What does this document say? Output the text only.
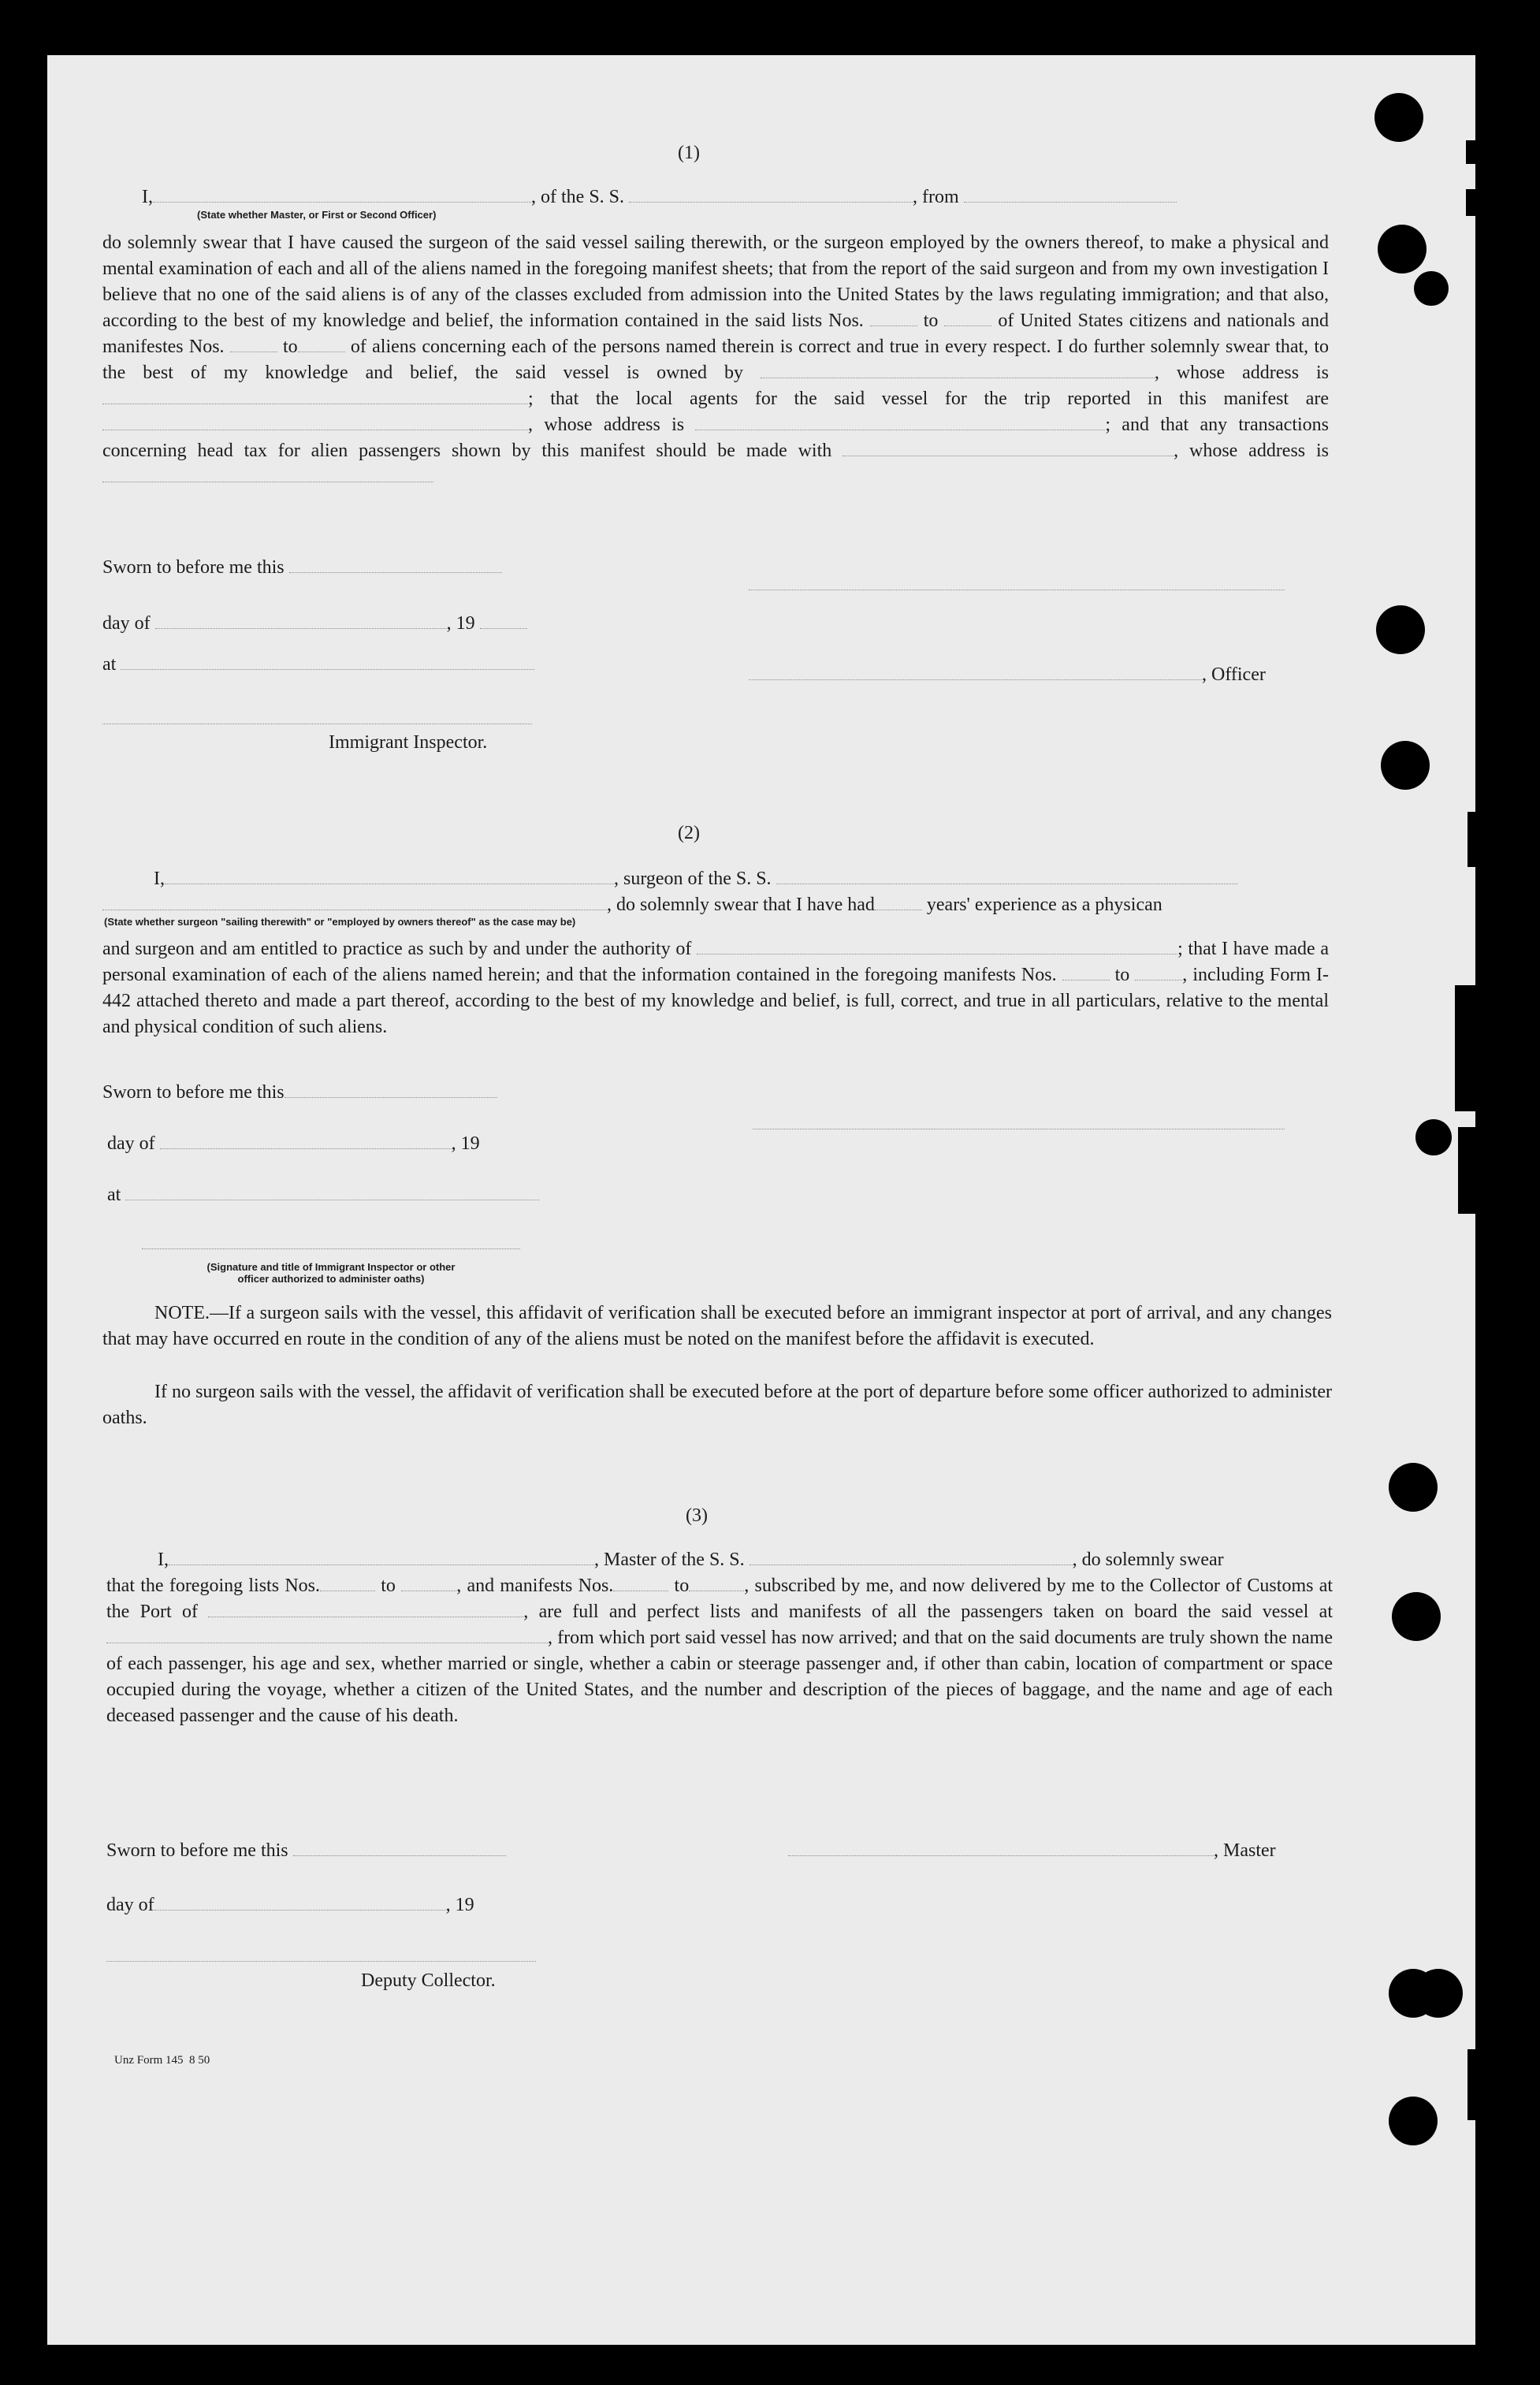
(1)
I,	, of the S. S.	, from
(State whether Master, or First or Second Officer)

do solemnly swear that I have caused the surgeon of the said vessel sailing therewith, or the surgeon employed by the owners thereof, to make a physical and mental examination of each and all of the aliens named in the foregoing manifest sheets; that from the report of the said surgeon and from my own investigation I believe that no one of the said aliens is of any of the classes excluded from admission into the United States by the laws regulating immigration; and that also, according to the best of my knowledge and belief, the information contained in the said lists Nos.	to	of United States citizens and nationals and manifestes Nos.	to	of aliens concerning each of the persons named therein is correct and true in every respect. I do further solemnly swear that, to the best of my knowledge and belief, the said vessel is owned by	, whose address is ; that the local agents for the said vessel for the trip reported in this manifest are , whose address is	; and that any transactions concerning head tax for alien passengers shown by this manifest should be made with	, whose address is

Sworn to before me this
day of	, 19
at	, Officer
Immigrant Inspector.
(2)
I,	, surgeon of the S. S.
, do solemnly swear that I have had	years' experience as a physican
(State whether surgeon "sailing therewith" or "employed by owners thereof" as the case may be)

and surgeon and am entitled to practice as such by and under the authority of	; that I have made a personal examination of each of the aliens named herein; and that the information contained in the foregoing manifests Nos.	to	, including Form I-442 attached thereto and made a part thereof, according to the best of my knowledge and belief, is full, correct, and true in all particulars, relative to the mental and physical condition of such aliens.

Sworn to before me this
day of	, 19
at
(Signature and title of Immigrant Inspector or other
officer authorized to administer oaths)
NOTE.—If a surgeon sails with the vessel, this affidavit of verification shall be executed before an immigrant inspector at port of arrival, and any changes that may have occurred en route in the condition of any of the aliens must be noted on the manifest before the affidavit is executed.
If no surgeon sails with the vessel, the affidavit of verification shall be executed before at the port of departure before some officer authorized to administer oaths.
(3)
I,	, Master of the S. S.	, do solemnly swear

that the foregoing lists Nos.	to	, and manifests Nos.	to	, subscribed by me, and now delivered by me to the Collector of Customs at the Port of	, are full and perfect lists and manifests of all the passengers taken on board the said vessel at , from which port said vessel has now arrived; and that on the said documents are truly shown the name of each passenger, his age and sex, whether married or single, whether a cabin or steerage passenger and, if other than cabin, location of compartment or space occupied during the voyage, whether a citizen of the United States, and the number and description of the pieces of baggage, and the name and age of each deceased passenger and the cause of his death.

Sworn to before me this	, Master
day of	, 19
Deputy Collector.
Unz Form 145 8 50
